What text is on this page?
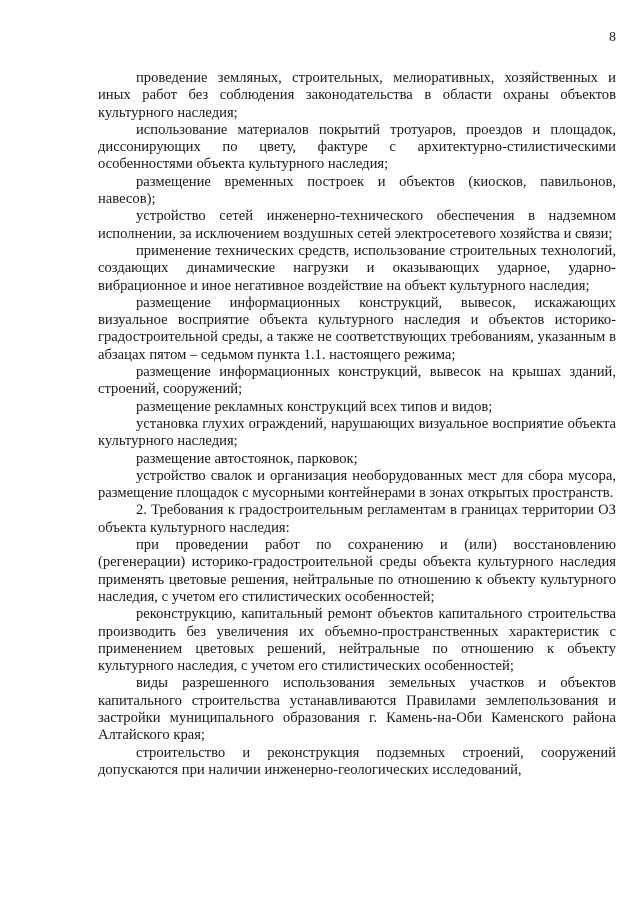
8

проведение земляных, строительных, мелиоративных, хозяйственных и иных работ без соблюдения законодательства в области охраны объектов культурного наследия;

использование материалов покрытий тротуаров, проездов и площадок, диссонирующих по цвету, фактуре с архитектурно-стилистическими особенностями объекта культурного наследия;

размещение временных построек и объектов (киосков, павильонов, навесов);

устройство сетей инженерно-технического обеспечения в надземном исполнении, за исключением воздушных сетей электросетевого хозяйства и связи;

применение технических средств, использование строительных технологий, создающих динамические нагрузки и оказывающих ударное, ударно-вибрационное и иное негативное воздействие на объект культурного наследия;

размещение информационных конструкций, вывесок, искажающих визуальное восприятие объекта культурного наследия и объектов историко-градостроительной среды, а также не соответствующих требованиям, указанным в абзацах пятом – седьмом пункта 1.1. настоящего режима;

размещение информационных конструкций, вывесок на крышах зданий, строений, сооружений;

размещение рекламных конструкций всех типов и видов;

установка глухих ограждений, нарушающих визуальное восприятие объекта культурного наследия;

размещение автостоянок, парковок;

устройство свалок и организация необорудованных мест для сбора мусора, размещение площадок с мусорными контейнерами в зонах открытых пространств.

2. Требования к градостроительным регламентам в границах территории ОЗ объекта культурного наследия:

при проведении работ по сохранению и (или) восстановлению (регенерации) историко-градостроительной среды объекта культурного наследия применять цветовые решения, нейтральные по отношению к объекту культурного наследия, с учетом его стилистических особенностей;

реконструкцию, капитальный ремонт объектов капитального строительства производить без увеличения их объемно-пространственных характеристик с применением цветовых решений, нейтральные по отношению к объекту культурного наследия, с учетом его стилистических особенностей;

виды разрешенного использования земельных участков и объектов капитального строительства устанавливаются Правилами землепользования и застройки муниципального образования г. Камень-на-Оби Каменского района Алтайского края;

строительство и реконструкция подземных строений, сооружений допускаются при наличии инженерно-геологических исследований,
